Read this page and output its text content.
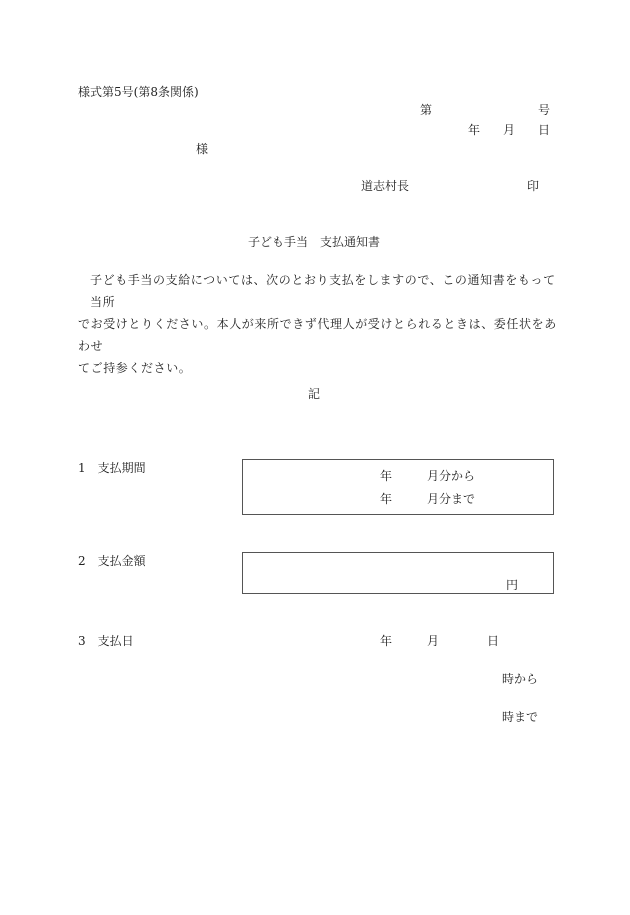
様式第5号(第8条関係)
第	号
年 月 日
様
道志村長	印
子ども手当　支払通知書

子ども手当の支給については、次のとおり支払をしますので、この通知書をもって当所

でお受けとりください。本人が来所できず代理人が受けとられるときは、委任状をあわせ

てご持参ください。

記
1　支払期間
年	月分から
年	月分まで
2　支払金額
円
3　支払日	年	月	日
時から
時まで
